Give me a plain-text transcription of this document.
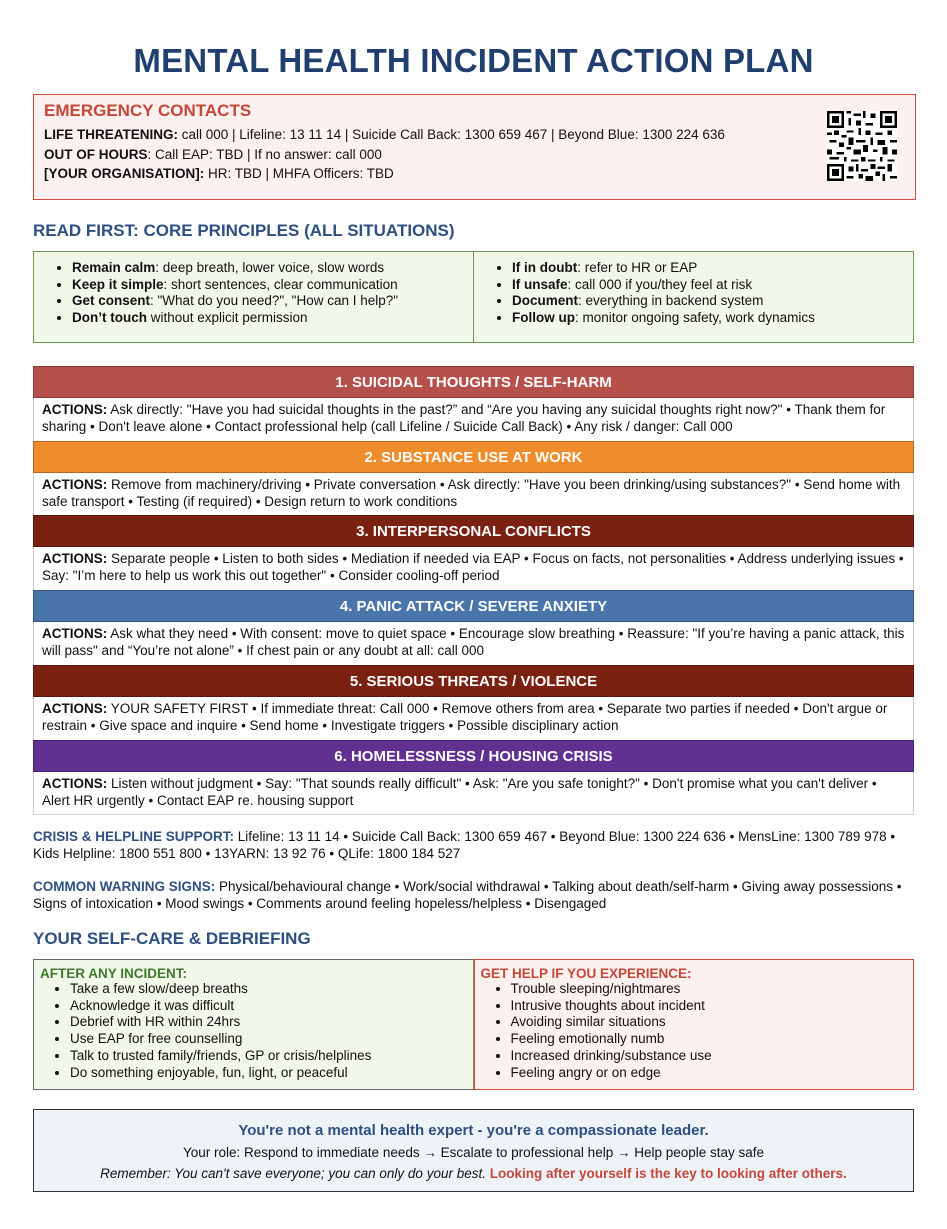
MENTAL HEALTH INCIDENT ACTION PLAN
EMERGENCY CONTACTS

LIFE THREATENING: call 000 | Lifeline: 13 11 14 | Suicide Call Back: 1300 659 467 | Beyond Blue: 1300 224 636

OUT OF HOURS: Call EAP: TBD | If no answer: call 000

[YOUR ORGANISATION]: HR: TBD | MHFA Officers: TBD

READ FIRST: CORE PRINCIPLES (ALL SITUATIONS)
• Remain calm: deep breath, lower voice, slow words
• Keep it simple: short sentences, clear communication
• Get consent: "What do you need?", "How can I help?"
• Don’t touch without explicit permission
• If in doubt: refer to HR or EAP
• If unsafe: call 000 if you/they feel at risk
• Document: everything in backend system
• Follow up: monitor ongoing safety, work dynamics
1. SUICIDAL THOUGHTS / SELF-HARM
ACTIONS: Ask directly: "Have you had suicidal thoughts in the past?” and “Are you having any suicidal thoughts right now?" • Thank them for sharing • Don't leave alone • Contact professional help (call Lifeline / Suicide Call Back) • Any risk / danger: Call 000
2. SUBSTANCE USE AT WORK
ACTIONS: Remove from machinery/driving • Private conversation • Ask directly: "Have you been drinking/using substances?" • Send home with safe transport • Testing (if required) • Design return to work conditions
3. INTERPERSONAL CONFLICTS
ACTIONS: Separate people • Listen to both sides • Mediation if needed via EAP • Focus on facts, not personalities • Address underlying issues • Say: "I’m here to help us work this out together" • Consider cooling-off period
4. PANIC ATTACK / SEVERE ANXIETY
ACTIONS: Ask what they need • With consent: move to quiet space • Encourage slow breathing • Reassure: "If you’re having a panic attack, this will pass" and “You’re not alone” • If chest pain or any doubt at all: call 000
5. SERIOUS THREATS / VIOLENCE
ACTIONS: YOUR SAFETY FIRST • If immediate threat: Call 000 • Remove others from area • Separate two parties if needed • Don't argue or restrain • Give space and inquire • Send home • Investigate triggers • Possible disciplinary action
6. HOMELESSNESS / HOUSING CRISIS
ACTIONS: Listen without judgment • Say: "That sounds really difficult" • Ask: "Are you safe tonight?" • Don't promise what you can't deliver • Alert HR urgently • Contact EAP re. housing support
CRISIS & HELPLINE SUPPORT: Lifeline: 13 11 14 • Suicide Call Back: 1300 659 467 • Beyond Blue: 1300 224 636 • MensLine: 1300 789 978 • Kids Helpline: 1800 551 800 • 13YARN: 13 92 76 • QLife: 1800 184 527
COMMON WARNING SIGNS: Physical/behavioural change • Work/social withdrawal • Talking about death/self-harm • Giving away possessions • Signs of intoxication • Mood swings • Comments around feeling hopeless/helpless • Disengaged
YOUR SELF-CARE & DEBRIEFING
AFTER ANY INCIDENT:
• Take a few slow/deep breaths
• Acknowledge it was difficult
• Debrief with HR within 24hrs
• Use EAP for free counselling
• Talk to trusted family/friends, GP or crisis/helplines
• Do something enjoyable, fun, light, or peaceful
GET HELP IF YOU EXPERIENCE:
• Trouble sleeping/nightmares
• Intrusive thoughts about incident
• Avoiding similar situations
• Feeling emotionally numb
• Increased drinking/substance use
• Feeling angry or on edge
You're not a mental health expert - you're a compassionate leader.
Your role: Respond to immediate needs → Escalate to professional help → Help people stay safe
Remember: You can't save everyone; you can only do your best. Looking after yourself is the key to looking after others.
